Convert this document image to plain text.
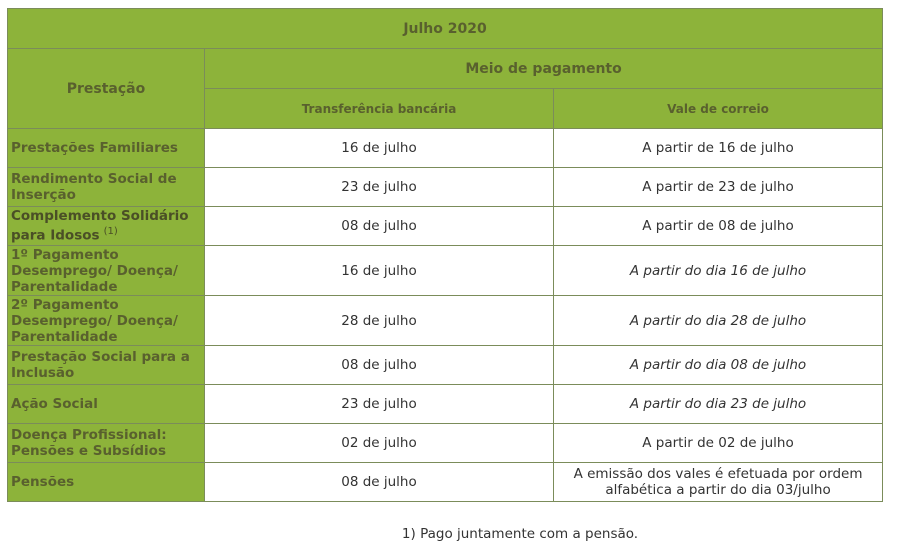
Julho 2020		
Prestação	Meio de pagamento	
	Transferência bancária	Vale de correio
Prestações Familiares	16 de julho	A partir de 16 de julho
Rendimento Social de
Inserção	23 de julho	A partir de 23 de julho
Complemento Solidário
para Idosos $^{(1)}$	08 de julho	A partir de 08 de julho
1º Pagamento
Desemprego/ Doença/
Parentalidade	16 de julho	A partir do dia 16 de julho
2º Pagamento
Desemprego/ Doença/
Parentalidade	28 de julho	A partir do dia 28 de julho
Prestação Social para a
Inclusão	08 de julho	A partir do dia 08 de julho
Ação Social	23 de julho	A partir do dia 23 de julho
Doença Profissional:
Pensões e Subsídios	02 de julho	A partir de 02 de julho
Pensões	08 de julho	A emissão dos vales é efetuada por ordem
alfabética a partir do dia 03/julho
1) Pago juntamente com a pensão.
